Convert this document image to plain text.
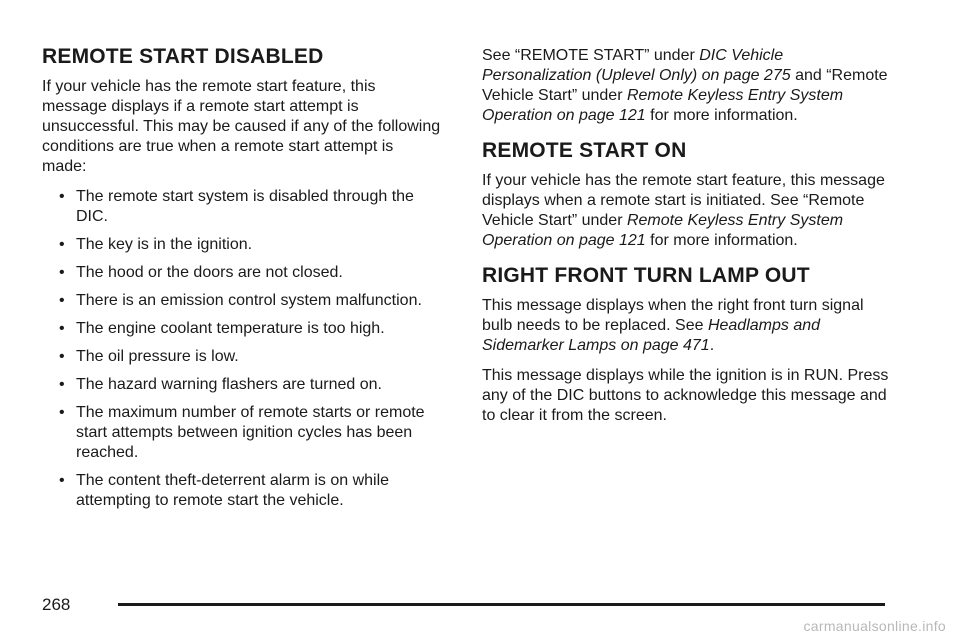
REMOTE START DISABLED

If your vehicle has the remote start feature, this message displays if a remote start attempt is unsuccessful. This may be caused if any of the following conditions are true when a remote start attempt is made:

• The remote start system is disabled through the DIC.
• The key is in the ignition.
• The hood or the doors are not closed.
• There is an emission control system malfunction.
• The engine coolant temperature is too high.
• The oil pressure is low.
• The hazard warning flashers are turned on.
• The maximum number of remote starts or remote start attempts between ignition cycles has been reached.
• The content theft-deterrent alarm is on while attempting to remote start the vehicle.

See “REMOTE START” under DIC Vehicle Personalization (Uplevel Only) on page 275 and “Remote Vehicle Start” under Remote Keyless Entry System Operation on page 121 for more information.

REMOTE START ON

If your vehicle has the remote start feature, this message displays when a remote start is initiated. See “Remote Vehicle Start” under Remote Keyless Entry System Operation on page 121 for more information.

RIGHT FRONT TURN LAMP OUT

This message displays when the right front turn signal bulb needs to be replaced. See Headlamps and Sidemarker Lamps on page 471.

This message displays while the ignition is in RUN. Press any of the DIC buttons to acknowledge this message and to clear it from the screen.

268
carmanualsonline.info
